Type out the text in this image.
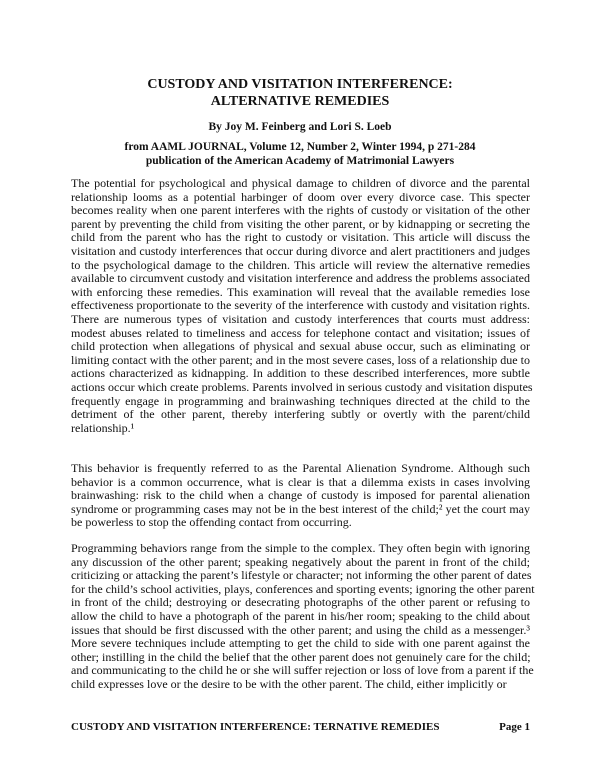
CUSTODY AND VISITATION INTERFERENCE:
ALTERNATIVE REMEDIES
By Joy M. Feinberg and Lori S. Loeb
from AAML JOURNAL, Volume 12, Number 2, Winter 1994, p 271-284
publication of the American Academy of Matrimonial Lawyers
The potential for psychological and physical damage to children of divorce and the parental
relationship looms as a potential harbinger of doom over every divorce case. This specter
becomes reality when one parent interferes with the rights of custody or visitation of the other
parent by preventing the child from visiting the other parent, or by kidnapping or secreting the
child from the parent who has the right to custody or visitation. This article will discuss the
visitation and custody interferences that occur during divorce and alert practitioners and judges
to the psychological damage to the children. This article will review the alternative remedies
available to circumvent custody and visitation interference and address the problems associated
with enforcing these remedies. This examination will reveal that the available remedies lose
effectiveness proportionate to the severity of the interference with custody and visitation rights.
There are numerous types of visitation and custody interferences that courts must address:
modest abuses related to timeliness and access for telephone contact and visitation; issues of
child protection when allegations of physical and sexual abuse occur, such as eliminating or
limiting contact with the other parent; and in the most severe cases, loss of a relationship due to
actions characterized as kidnapping. In addition to these described interferences, more subtle
actions occur which create problems. Parents involved in serious custody and visitation disputes
frequently engage in programming and brainwashing techniques directed at the child to the
detriment of the other parent, thereby interfering subtly or overtly with the parent/child
relationship.¹
This behavior is frequently referred to as the Parental Alienation Syndrome. Although such
behavior is a common occurrence, what is clear is that a dilemma exists in cases involving
brainwashing: risk to the child when a change of custody is imposed for parental alienation
syndrome or programming cases may not be in the best interest of the child;² yet the court may
be powerless to stop the offending contact from occurring.
Programming behaviors range from the simple to the complex. They often begin with ignoring
any discussion of the other parent; speaking negatively about the parent in front of the child;
criticizing or attacking the parent’s lifestyle or character; not informing the other parent of dates
for the child’s school activities, plays, conferences and sporting events; ignoring the other parent
in front of the child; destroying or desecrating photographs of the other parent or refusing to
allow the child to have a photograph of the parent in his/her room; speaking to the child about
issues that should be first discussed with the other parent; and using the child as a messenger.³
More severe techniques include attempting to get the child to side with one parent against the
other; instilling in the child the belief that the other parent does not genuinely care for the child;
and communicating to the child he or she will suffer rejection or loss of love from a parent if the
child expresses love or the desire to be with the other parent. The child, either implicitly or
CUSTODY AND VISITATION INTERFERENCE: TERNATIVE REMEDIES	Page 1
